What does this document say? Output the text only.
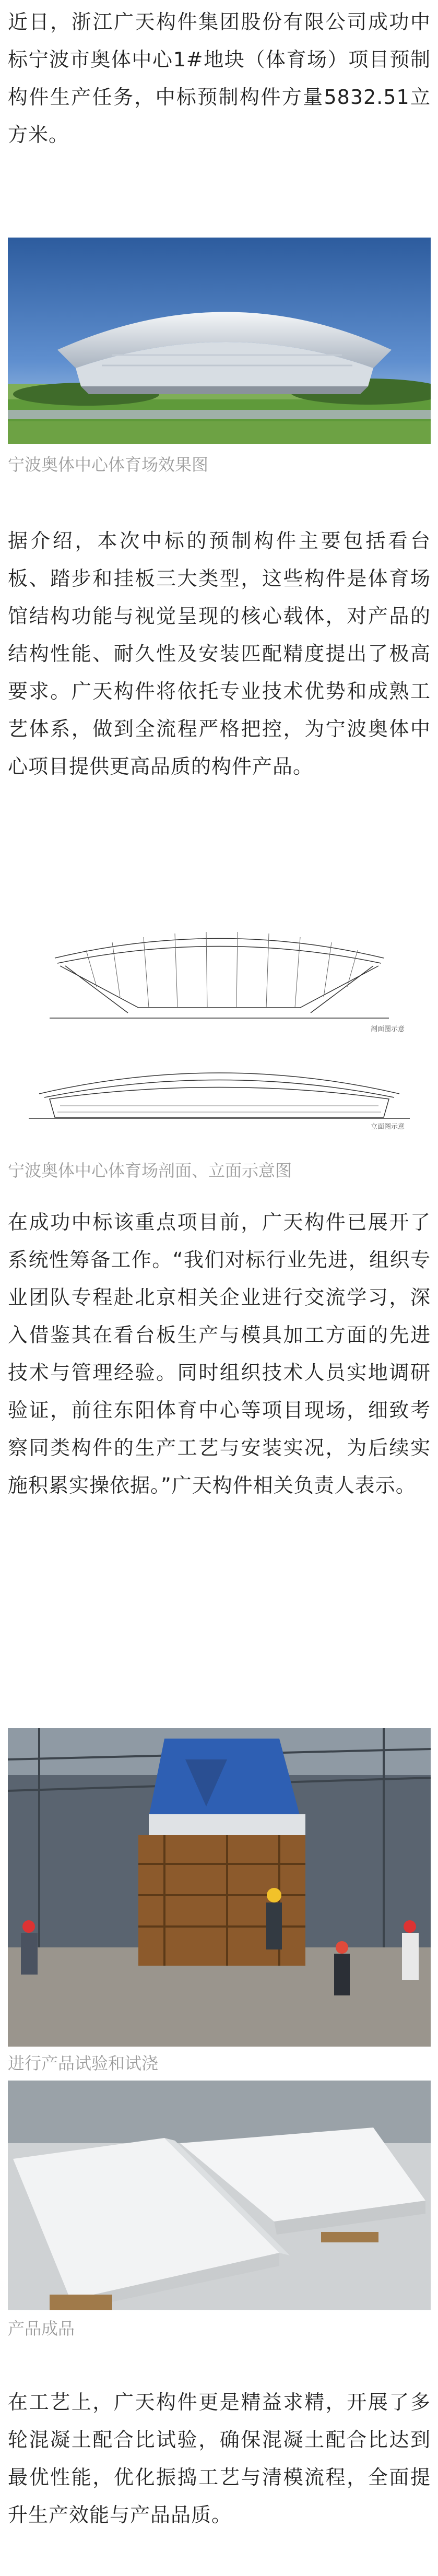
近日，浙江广天构件集团股份有限公司成功中标宁波市奥体中心1#地块（体育场）项目预制构件生产任务，中标预制构件方量5832.51立方米。

宁波奥体中心体育场效果图

据介绍，本次中标的预制构件主要包括看台板、踏步和挂板三大类型，这些构件是体育场馆结构功能与视觉呈现的核心载体，对产品的结构性能、耐久性及安装匹配精度提出了极高要求。广天构件将依托专业技术优势和成熟工艺体系，做到全流程严格把控，为宁波奥体中心项目提供更高品质的构件产品。

剖面图示意
立面图示意

宁波奥体中心体育场剖面、立面示意图

在成功中标该重点项目前，广天构件已展开了系统性筹备工作。“我们对标行业先进，组织专业团队专程赴北京相关企业进行交流学习，深入借鉴其在看台板生产与模具加工方面的先进技术与管理经验。同时组织技术人员实地调研验证，前往东阳体育中心等项目现场，细致考察同类构件的生产工艺与安装实况，为后续实施积累实操依据。”广天构件相关负责人表示。

进行产品试验和试浇

产品成品

在工艺上，广天构件更是精益求精，开展了多轮混凝土配合比试验，确保混凝土配合比达到最优性能，优化振捣工艺与清模流程，全面提升生产效能与产品品质。
